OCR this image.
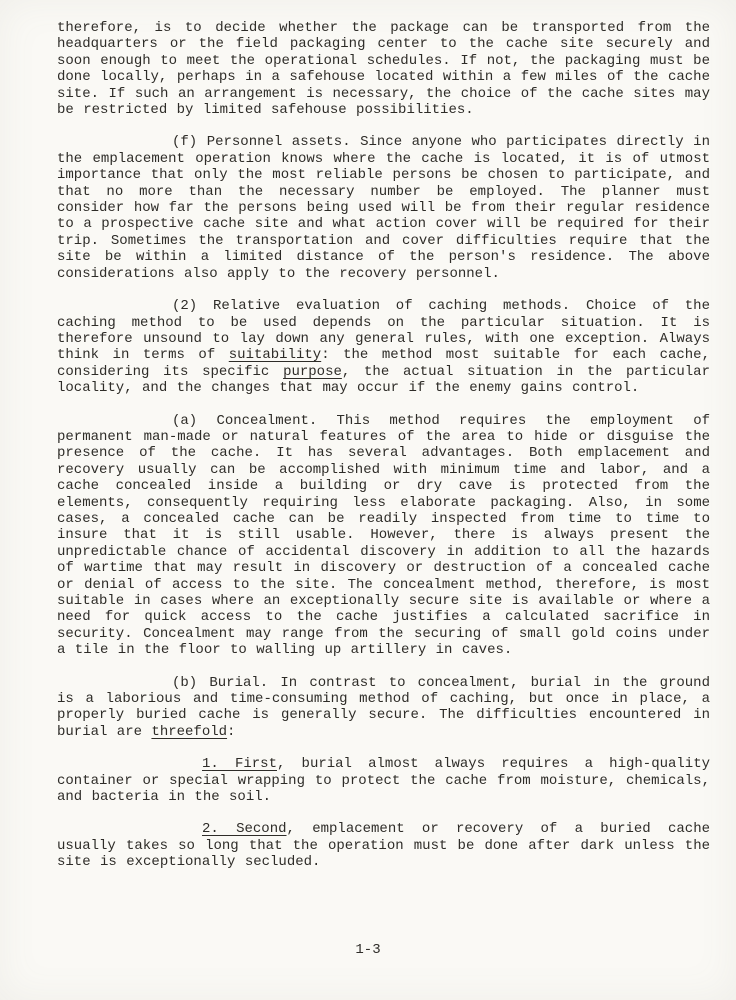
therefore, is to decide whether the package can be transported from the headquarters or the field packaging center to the cache site securely and soon enough to meet the operational schedules. If not, the packaging must be done locally, perhaps in a safehouse located within a few miles of the cache site. If such an arrangement is necessary, the choice of the cache sites may be restricted by limited safehouse possibilities.

(f) Personnel assets. Since anyone who participates directly in the emplacement operation knows where the cache is located, it is of utmost importance that only the most reliable persons be chosen to participate, and that no more than the necessary number be employed. The planner must consider how far the persons being used will be from their regular residence to a prospective cache site and what action cover will be required for their trip. Sometimes the transportation and cover difficulties require that the site be within a limited distance of the person's residence. The above considerations also apply to the recovery personnel.

(2) Relative evaluation of caching methods. Choice of the caching method to be used depends on the particular situation. It is therefore unsound to lay down any general rules, with one exception. Always think in terms of suitability: the method most suitable for each cache, considering its specific purpose, the actual situation in the particular locality, and the changes that may occur if the enemy gains control.

(a) Concealment. This method requires the employment of permanent man-made or natural features of the area to hide or disguise the presence of the cache. It has several advantages. Both emplacement and recovery usually can be accomplished with minimum time and labor, and a cache concealed inside a building or dry cave is protected from the elements, consequently requiring less elaborate packaging. Also, in some cases, a concealed cache can be readily inspected from time to time to insure that it is still usable. However, there is always present the unpredictable chance of accidental discovery in addition to all the hazards of wartime that may result in discovery or destruction of a concealed cache or denial of access to the site. The concealment method, therefore, is most suitable in cases where an exceptionally secure site is available or where a need for quick access to the cache justifies a calculated sacrifice in security. Concealment may range from the securing of small gold coins under a tile in the floor to walling up artillery in caves.

(b) Burial. In contrast to concealment, burial in the ground is a laborious and time-consuming method of caching, but once in place, a properly buried cache is generally secure. The difficulties encountered in burial are threefold:

1. First, burial almost always requires a high-quality container or special wrapping to protect the cache from moisture, chemicals, and bacteria in the soil.

2. Second, emplacement or recovery of a buried cache usually takes so long that the operation must be done after dark unless the site is exceptionally secluded.

1-3
